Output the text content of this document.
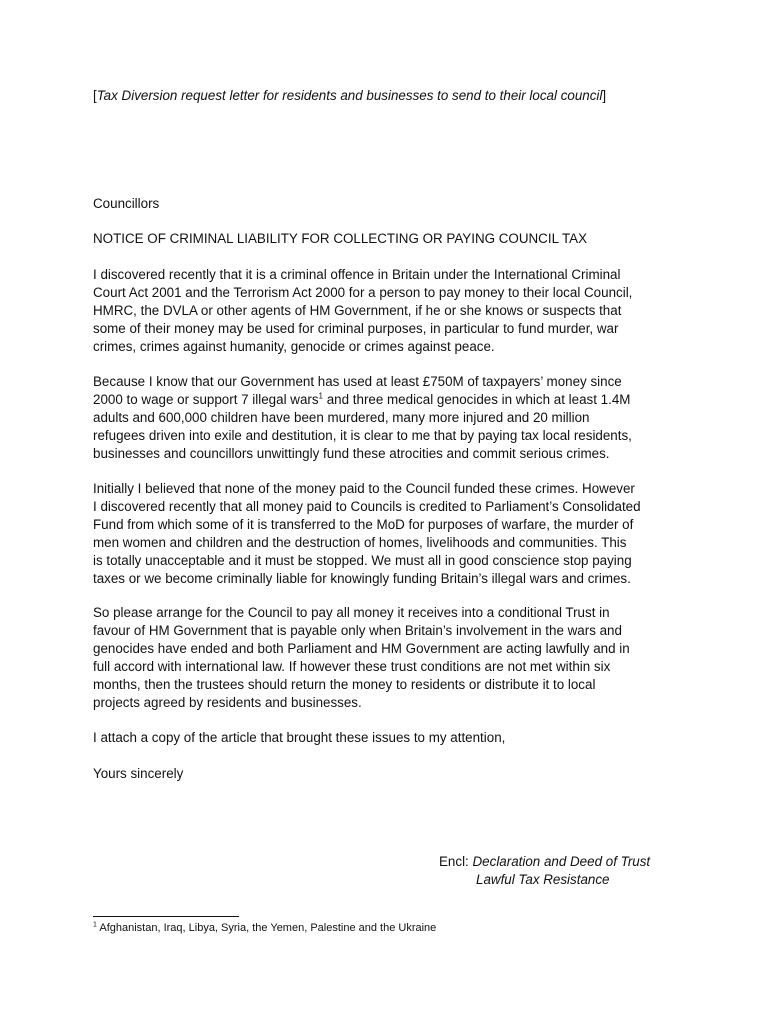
[Tax Diversion request letter for residents and businesses to send to their local council]
Councillors
NOTICE OF CRIMINAL LIABILITY FOR COLLECTING OR PAYING COUNCIL TAX
I discovered recently that it is a criminal offence in Britain under the International Criminal
Court Act 2001 and the Terrorism Act 2000 for a person to pay money to their local Council,
HMRC, the DVLA or other agents of HM Government, if he or she knows or suspects that
some of their money may be used for criminal purposes, in particular to fund murder, war
crimes, crimes against humanity, genocide or crimes against peace.
Because I know that our Government has used at least £750M of taxpayers’ money since
2000 to wage or support 7 illegal wars$^1$ and three medical genocides in which at least 1.4M
adults and 600,000 children have been murdered, many more injured and 20 million
refugees driven into exile and destitution, it is clear to me that by paying tax local residents,
businesses and councillors unwittingly fund these atrocities and commit serious crimes.
Initially I believed that none of the money paid to the Council funded these crimes. However
I discovered recently that all money paid to Councils is credited to Parliament’s Consolidated
Fund from which some of it is transferred to the MoD for purposes of warfare, the murder of
men women and children and the destruction of homes, livelihoods and communities. This
is totally unacceptable and it must be stopped. We must all in good conscience stop paying
taxes or we become criminally liable for knowingly funding Britain’s illegal wars and crimes.
So please arrange for the Council to pay all money it receives into a conditional Trust in
favour of HM Government that is payable only when Britain’s involvement in the wars and
genocides have ended and both Parliament and HM Government are acting lawfully and in
full accord with international law. If however these trust conditions are not met within six
months, then the trustees should return the money to residents or distribute it to local
projects agreed by residents and businesses.
I attach a copy of the article that brought these issues to my attention,
Yours sincerely
Encl: Declaration and Deed of Trust
Lawful Tax Resistance
$^1$ Afghanistan, Iraq, Libya, Syria, the Yemen, Palestine and the Ukraine
